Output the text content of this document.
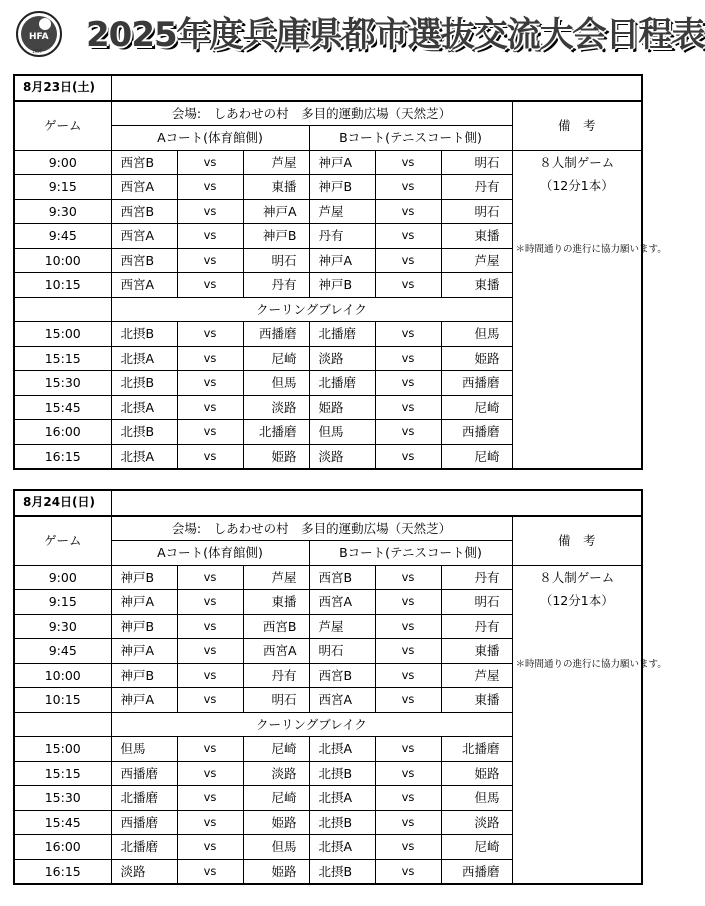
HFA
1927 2025年度兵庫県都市選抜交流大会日程表
8月23日(土)							
ゲーム	会場:　しあわせの村　多目的運動広場（天然芝）						備　考
	Aコート(体育館側)			Bコート(テニスコート側)			
9:00	西宮B	vs	芦屋	神戸A	vs	明石	８人制ゲーム
（12分1本）
＊時間通りの進行に協力願います。

9:15	西宮A	vs	東播	神戸B	vs	丹有	
9:30	西宮B	vs	神戸A	芦屋	vs	明石	
9:45	西宮A	vs	神戸B	丹有	vs	東播	
10:00	西宮B	vs	明石	神戸A	vs	芦屋	
10:15	西宮A	vs	丹有	神戸B	vs	東播	
	クーリングブレイク						
15:00	北摂B	vs	西播磨	北播磨	vs	但馬	
15:15	北摂A	vs	尼崎	淡路	vs	姫路	
15:30	北摂B	vs	但馬	北播磨	vs	西播磨	
15:45	北摂A	vs	淡路	姫路	vs	尼崎	
16:00	北摂B	vs	北播磨	但馬	vs	西播磨	
16:15	北摂A	vs	姫路	淡路	vs	尼崎	
8月24日(日)							
ゲーム	会場:　しあわせの村　多目的運動広場（天然芝）						備　考
	Aコート(体育館側)			Bコート(テニスコート側)			
9:00	神戸B	vs	芦屋	西宮B	vs	丹有	８人制ゲーム
（12分1本）
＊時間通りの進行に協力願います。

9:15	神戸A	vs	東播	西宮A	vs	明石	
9:30	神戸B	vs	西宮B	芦屋	vs	丹有	
9:45	神戸A	vs	西宮A	明石	vs	東播	
10:00	神戸B	vs	丹有	西宮B	vs	芦屋	
10:15	神戸A	vs	明石	西宮A	vs	東播	
	クーリングブレイク						
15:00	但馬	vs	尼崎	北摂A	vs	北播磨	
15:15	西播磨	vs	淡路	北摂B	vs	姫路	
15:30	北播磨	vs	尼崎	北摂A	vs	但馬	
15:45	西播磨	vs	姫路	北摂B	vs	淡路	
16:00	北播磨	vs	但馬	北摂A	vs	尼崎	
16:15	淡路	vs	姫路	北摂B	vs	西播磨	
